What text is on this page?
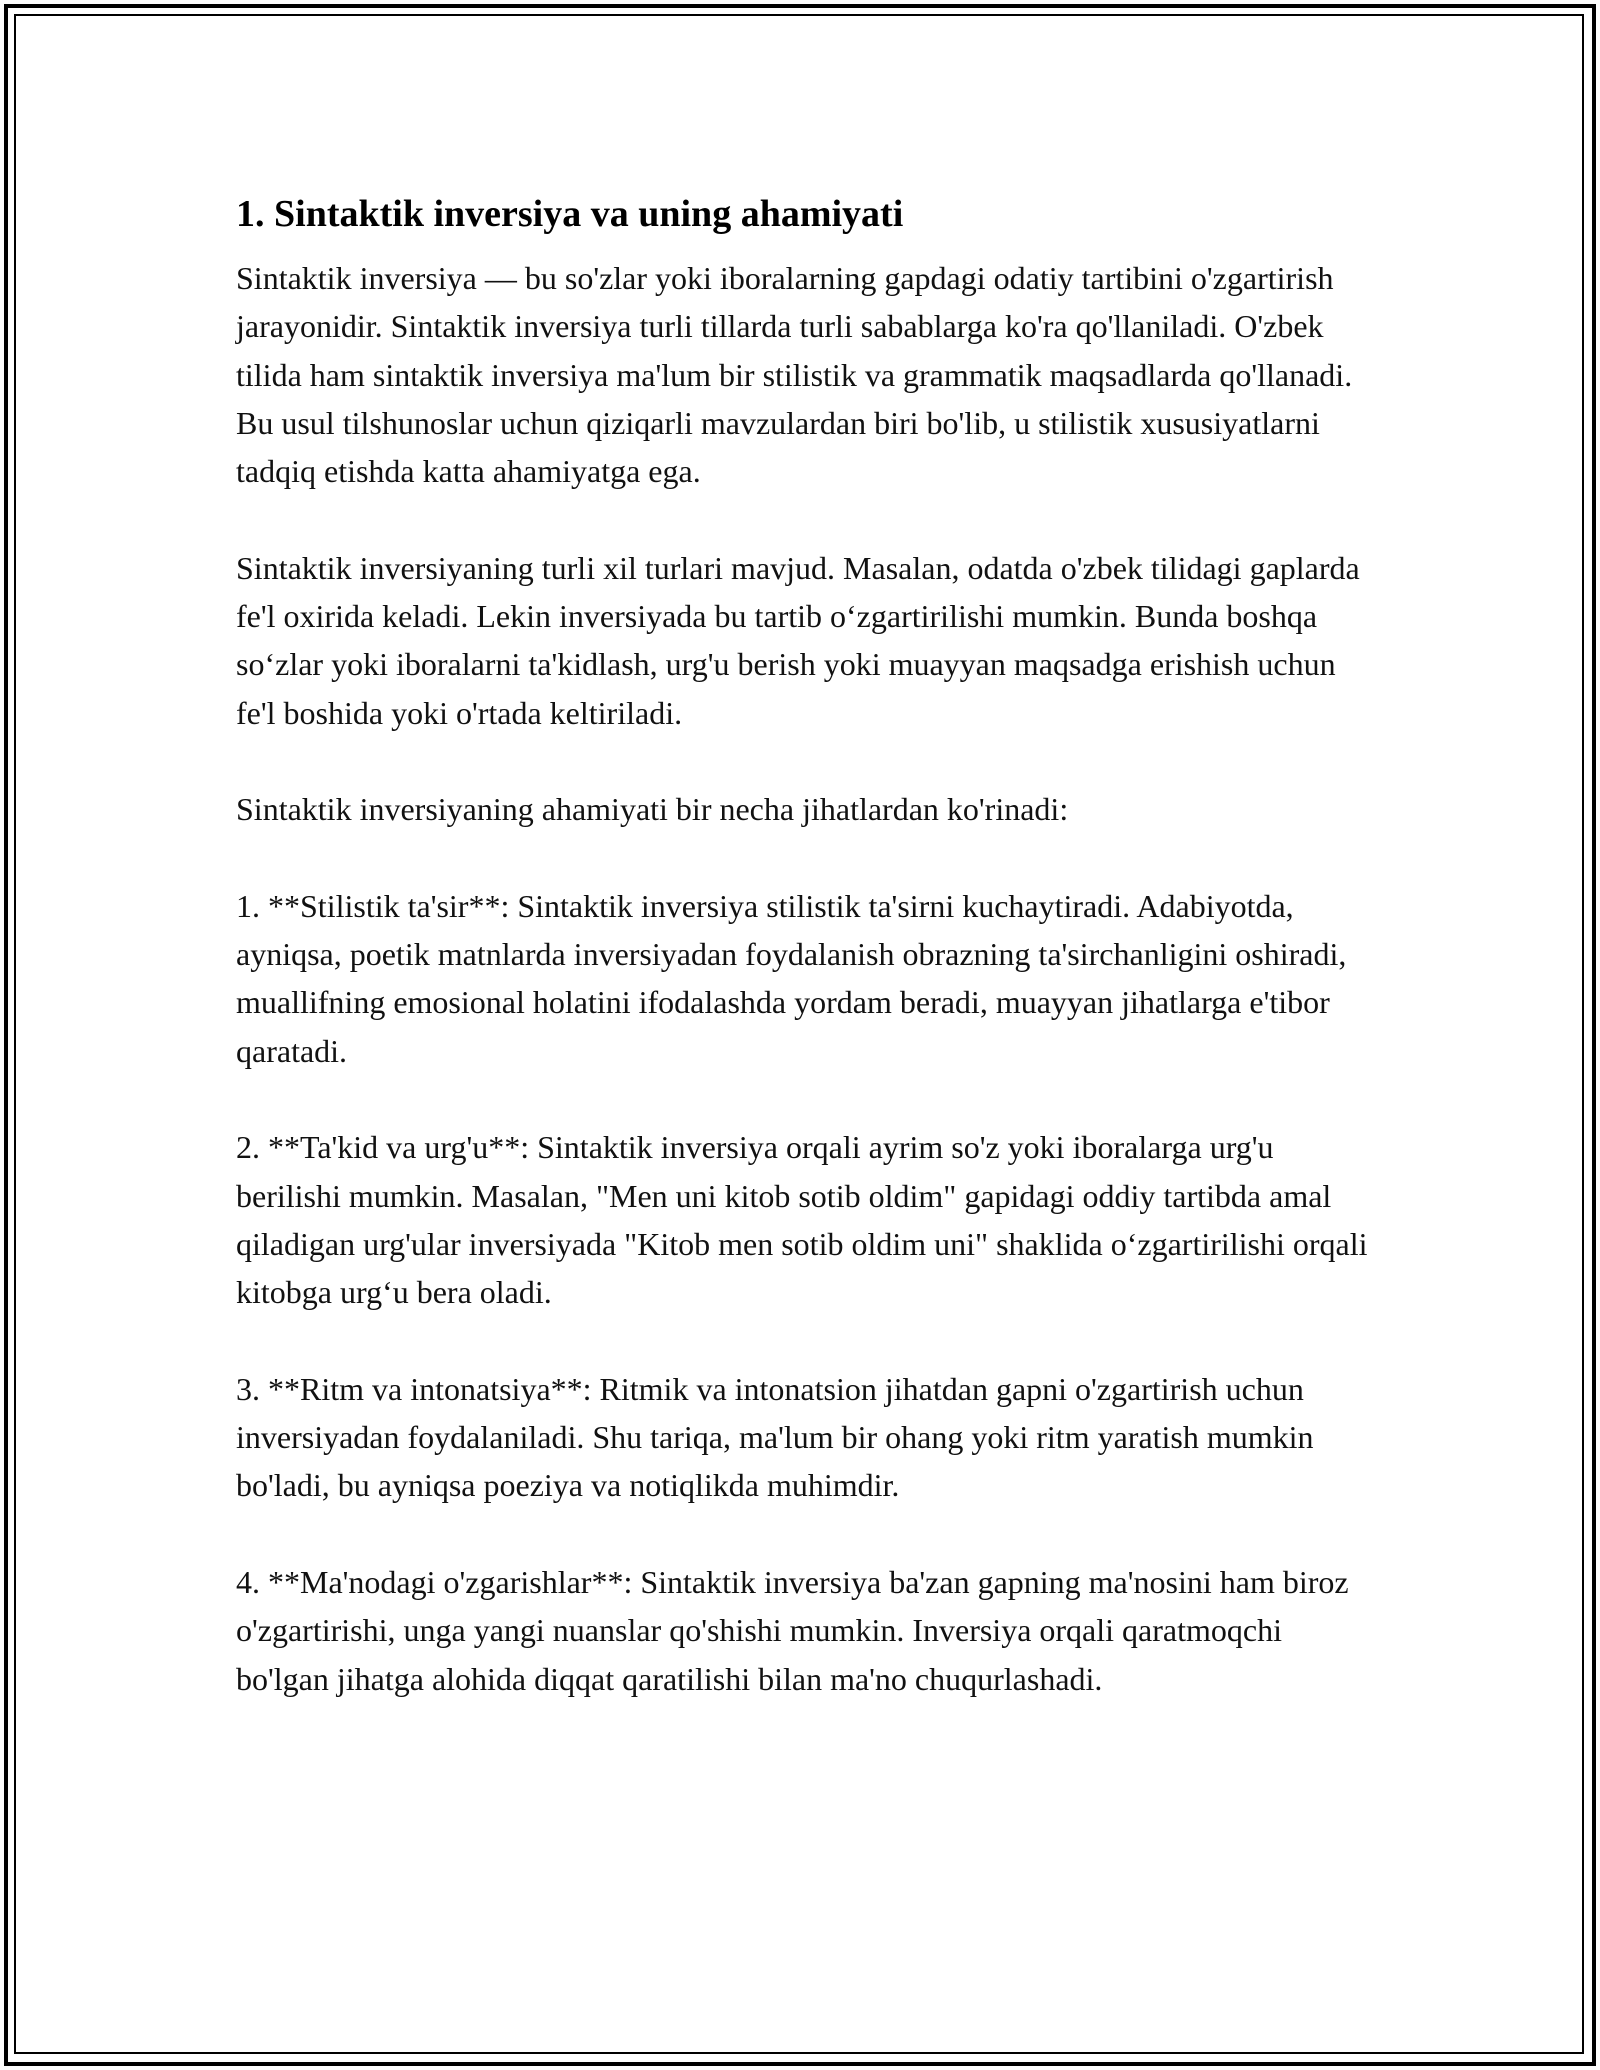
1. Sintaktik inversiya va uning ahamiyati

Sintaktik inversiya — bu so'zlar yoki iboralarning gapdagi odatiy tartibini o'zgartirish jarayonidir. Sintaktik inversiya turli tillarda turli sabablarga ko'ra qo'llaniladi. O'zbek tilida ham sintaktik inversiya ma'lum bir stilistik va grammatik maqsadlarda qo'llanadi. Bu usul tilshunoslar uchun qiziqarli mavzulardan biri bo'lib, u stilistik xususiyatlarni tadqiq etishda katta ahamiyatga ega.

Sintaktik inversiyaning turli xil turlari mavjud. Masalan, odatda o'zbek tilidagi gaplarda fe'l oxirida keladi. Lekin inversiyada bu tartib o‘zgartirilishi mumkin. Bunda boshqa so‘zlar yoki iboralarni ta'kidlash, urg'u berish yoki muayyan maqsadga erishish uchun fe'l boshida yoki o'rtada keltiriladi.

Sintaktik inversiyaning ahamiyati bir necha jihatlardan ko'rinadi:

1. **Stilistik ta'sir**: Sintaktik inversiya stilistik ta'sirni kuchaytiradi. Adabiyotda, ayniqsa, poetik matnlarda inversiyadan foydalanish obrazning ta'sirchanligini oshiradi, muallifning emosional holatini ifodalashda yordam beradi, muayyan jihatlarga e'tibor qaratadi.

2. **Ta'kid va urg'u**: Sintaktik inversiya orqali ayrim so'z yoki iboralarga urg'u berilishi mumkin. Masalan, "Men uni kitob sotib oldim" gapidagi oddiy tartibda amal qiladigan urg'ular inversiyada "Kitob men sotib oldim uni" shaklida o‘zgartirilishi orqali kitobga urg‘u bera oladi.

3. **Ritm va intonatsiya**: Ritmik va intonatsion jihatdan gapni o'zgartirish uchun inversiyadan foydalaniladi. Shu tariqa, ma'lum bir ohang yoki ritm yaratish mumkin bo'ladi, bu ayniqsa poeziya va notiqlikda muhimdir.

4. **Ma'nodagi o'zgarishlar**: Sintaktik inversiya ba'zan gapning ma'nosini ham biroz o'zgartirishi, unga yangi nuanslar qo'shishi mumkin. Inversiya orqali qaratmoqchi bo'lgan jihatga alohida diqqat qaratilishi bilan ma'no chuqurlashadi.
